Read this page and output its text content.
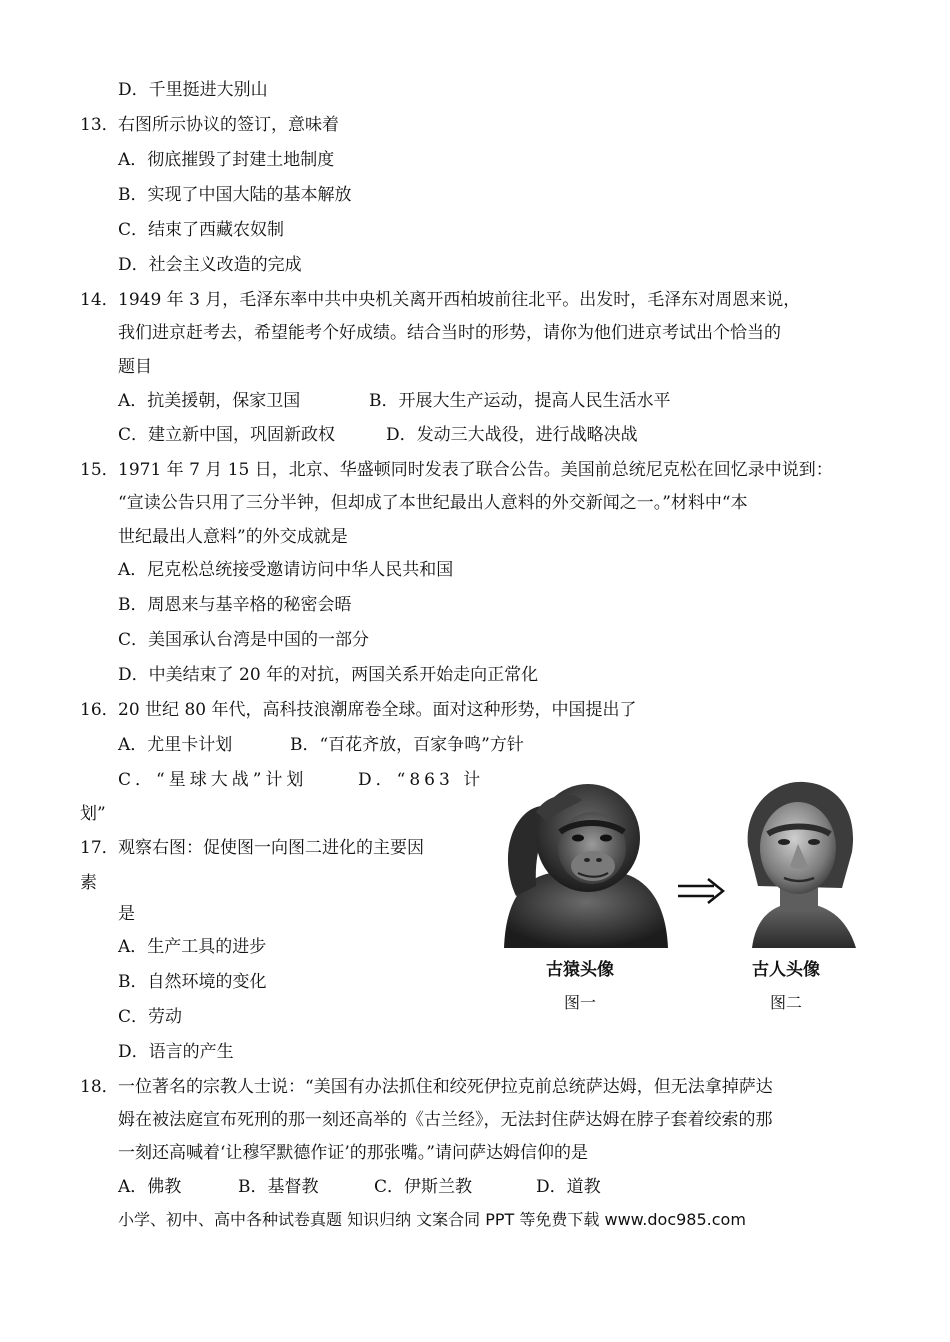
D．千里挺进大别山
13． 右图所示协议的签订，意味着
A．彻底摧毁了封建土地制度
B．实现了中国大陆的基本解放
C．结束了西藏农奴制
D．社会主义改造的完成
14． 1949 年 3 月，毛泽东率中共中央机关离开西柏坡前往北平。出发时，毛泽东对周恩来说，
我们进京赶考去，希望能考个好成绩。结合当时的形势，请你为他们进京考试出个恰当的
题目
A．抗美援朝，保家卫国	B．开展大生产运动，提高人民生活水平
C．建立新中国，巩固新政权	D．发动三大战役，进行战略决战
15． 1971 年 7 月 15 日，北京、华盛顿同时发表了联合公告。美国前总统尼克松在回忆录中说到：
“宣读公告只用了三分半钟，但却成了本世纪最出人意料的外交新闻之一。”材料中“本
世纪最出人意料”的外交成就是
A．尼克松总统接受邀请访问中华人民共和国
B．周恩来与基辛格的秘密会晤
C．美国承认台湾是中国的一部分
D．中美结束了 20 年的对抗，两国关系开始走向正常化
16． 20 世纪 80 年代，高科技浪潮席卷全球。面对这种形势，中国提出了
A．尤里卡计划	B．“百花齐放，百家争鸣”方针
C．“星球大战”计划	D．“863 计
划”
17． 观察右图：促使图一向图二进化的主要因
素
是
A．生产工具的进步
B．自然环境的变化
C．劳动
D．语言的产生
古猿头像	古人头像
图一	图二
18． 一位著名的宗教人士说：“美国有办法抓住和绞死伊拉克前总统萨达姆，但无法拿掉萨达
姆在被法庭宣布死刑的那一刻还高举的《古兰经》，无法封住萨达姆在脖子套着绞索的那
一刻还高喊着‘让穆罕默德作证’的那张嘴。”请问萨达姆信仰的是
A．佛教	B．基督教	C．伊斯兰教	D．道教
小学、初中、高中各种试卷真题 知识归纳 文案合同 PPT 等免费下载 www.doc985.com
